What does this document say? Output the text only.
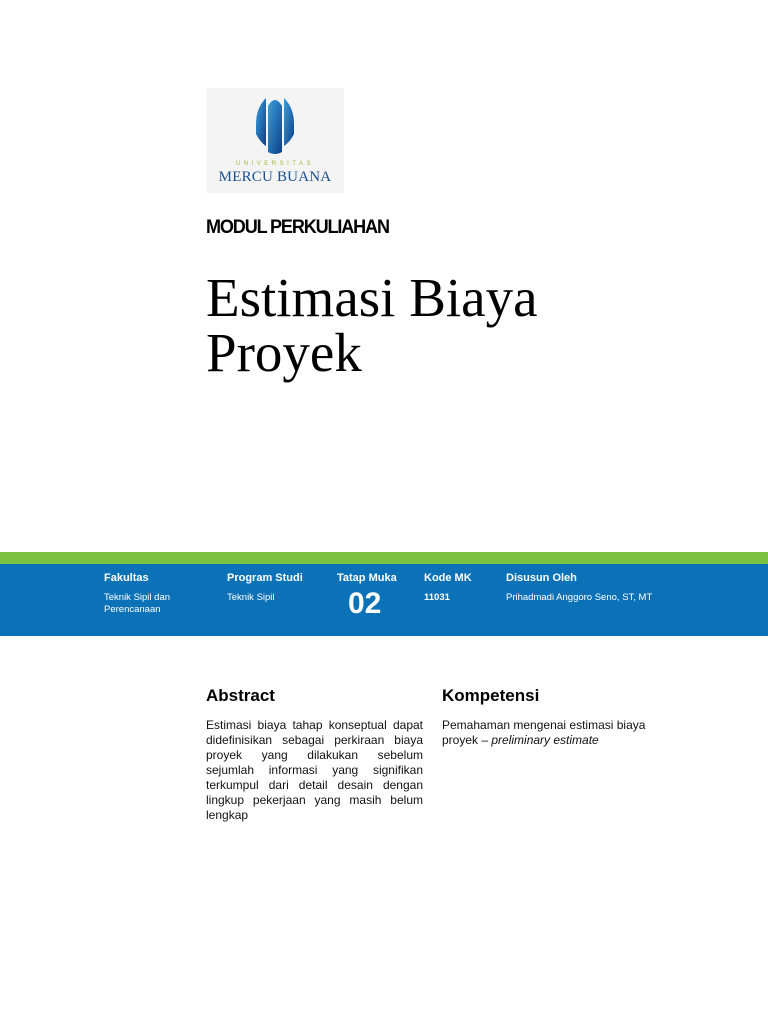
UNIVERSITAS
MERCU BUANA
MODUL PERKULIAHAN
Estimasi Biaya
Proyek
Fakultas
Teknik Sipil dan
Perencanaan
Program Studi
Teknik Sipil
Tatap Muka
02
Kode MK
11031
Disusun Oleh
Prihadmadi Anggoro Seno, ST, MT
Abstract
Estimasi biaya tahap konseptual dapat didefinisikan sebagai perkiraan biaya proyek yang dilakukan sebelum sejumlah informasi yang signifikan terkumpul dari detail desain dengan lingkup pekerjaan yang masih belum lengkap
Kompetensi
Pemahaman mengenai estimasi biaya proyek – preliminary estimate
